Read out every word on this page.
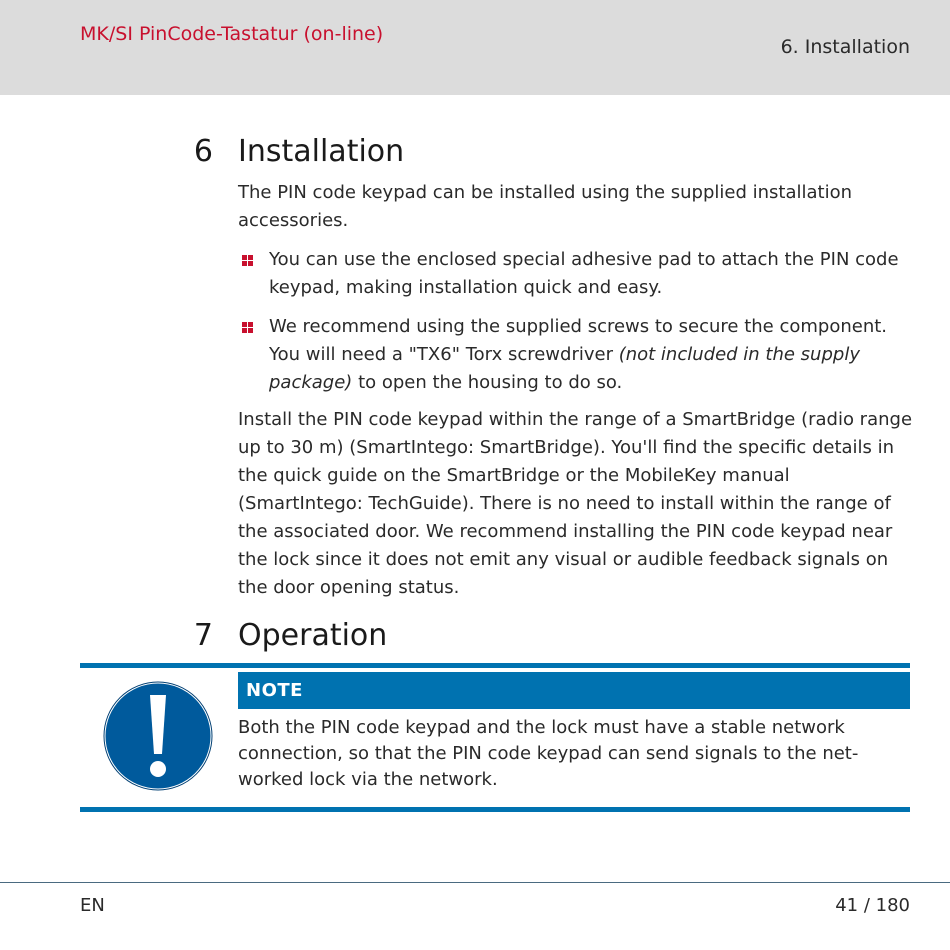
MK/SI PinCode-Tastatur (on-line)
6. Installation
6 Installation

The PIN code keypad can be installed using the supplied installation accessories.

You can use the enclosed special adhesive pad to attach the PIN code keypad, making installation quick and easy.
We recommend using the supplied screws to secure the component. You will need a "TX6" Torx screwdriver (not included in the supply package) to open the housing to do so.

Install the PIN code keypad within the range of a SmartBridge (radio range up to 30 m) (SmartIntego: SmartBridge). You'll find the specific details in the quick guide on the SmartBridge or the MobileKey manual (SmartIntego: TechGuide). There is no need to install within the range of the associated door. We recommend installing the PIN code keypad near the lock since it does not emit any visual or audible feedback signals on the door opening status.

7 Operation
NOTE
Both the PIN code keypad and the lock must have a stable network connection, so that the PIN code keypad can send signals to the net-worked lock via the network.
EN	41 / 180
